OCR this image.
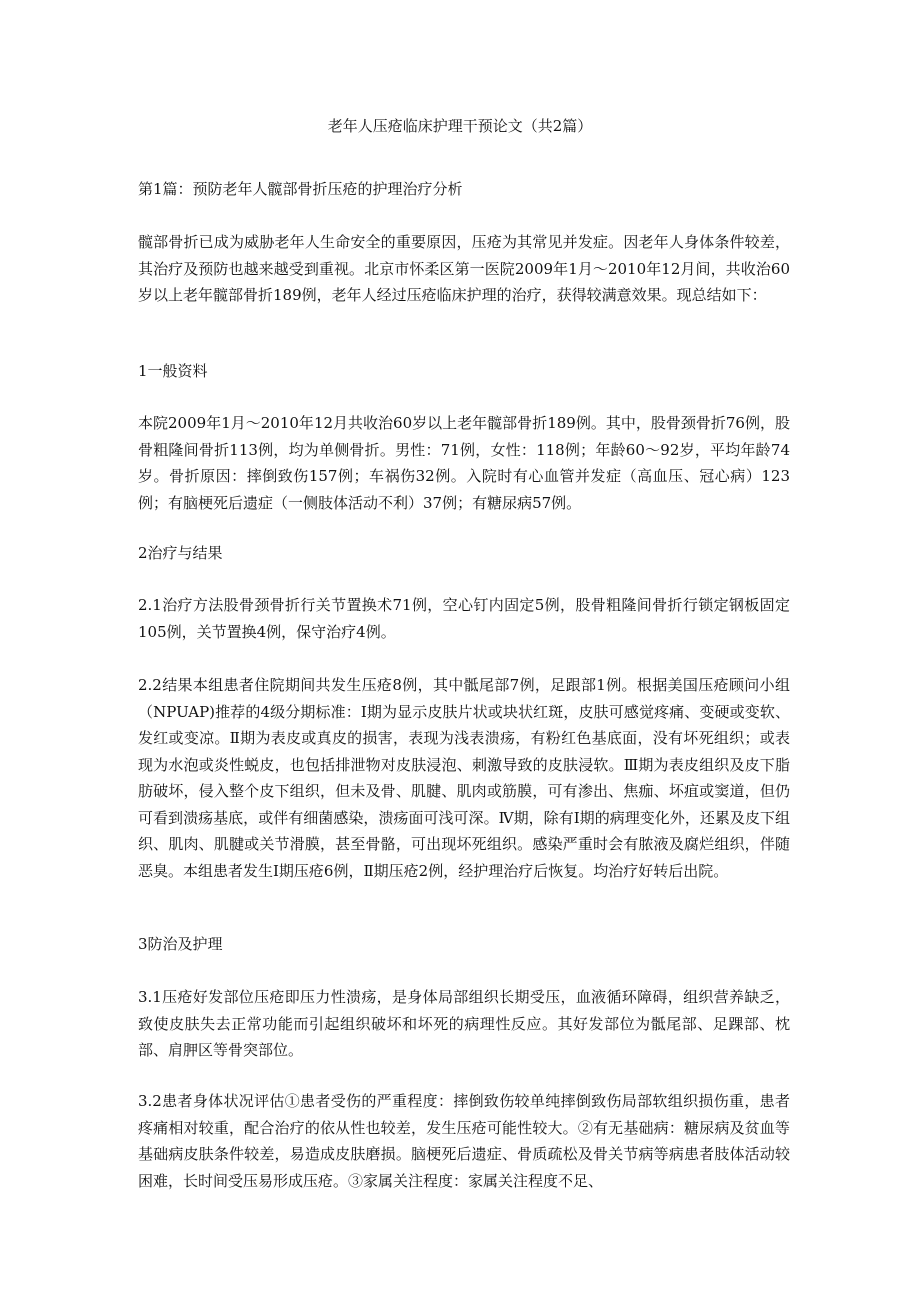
老年人压疮临床护理干预论文（共2篇）

第1篇：预防老年人髋部骨折压疮的护理治疗分析

髋部骨折已成为威胁老年人生命安全的重要原因，压疮为其常见并发症。因老年人身体条件较差，其治疗及预防也越来越受到重视。北京市怀柔区第一医院2009年1月～2010年12月间，共收治60岁以上老年髋部骨折189例，老年人经过压疮临床护理的治疗，获得较满意效果。现总结如下：

1一般资料

本院2009年1月～2010年12月共收治60岁以上老年髋部骨折189例。其中，股骨颈骨折76例，股骨粗隆间骨折113例，均为单侧骨折。男性：71例，女性：118例；年龄60～92岁，平均年龄74岁。骨折原因：摔倒致伤157例；车祸伤32例。入院时有心血管并发症（高血压、冠心病）123例；有脑梗死后遗症（一侧肢体活动不利）37例；有糖尿病57例。

2治疗与结果

2.1治疗方法股骨颈骨折行关节置换术71例，空心钉内固定5例，股骨粗隆间骨折行锁定钢板固定105例，关节置换4例，保守治疗4例。

2.2结果本组患者住院期间共发生压疮8例，其中骶尾部7例，足跟部1例。根据美国压疮顾问小组（NPUAP)推荐的4级分期标准：Ⅰ期为显示皮肤片状或块状红斑，皮肤可感觉疼痛、变硬或变软、发红或变凉。Ⅱ期为表皮或真皮的损害，表现为浅表溃疡，有粉红色基底面，没有坏死组织；或表现为水泡或炎性蜕皮，也包括排泄物对皮肤浸泡、刺激导致的皮肤浸软。Ⅲ期为表皮组织及皮下脂肪破坏，侵入整个皮下组织，但未及骨、肌腱、肌肉或筋膜，可有渗出、焦痂、坏疽或窦道，但仍可看到溃疡基底，或伴有细菌感染，溃疡面可浅可深。Ⅳ期，除有Ⅰ期的病理变化外，还累及皮下组织、肌肉、肌腱或关节滑膜，甚至骨骼，可出现坏死组织。感染严重时会有脓液及腐烂组织，伴随恶臭。本组患者发生Ⅰ期压疮6例，Ⅱ期压疮2例，经护理治疗后恢复。均治疗好转后出院。

3防治及护理

3.1压疮好发部位压疮即压力性溃疡，是身体局部组织长期受压，血液循环障碍，组织营养缺乏，致使皮肤失去正常功能而引起组织破坏和坏死的病理性反应。其好发部位为骶尾部、足踝部、枕部、肩胛区等骨突部位。

3.2患者身体状况评估①患者受伤的严重程度：摔倒致伤较单纯摔倒致伤局部软组织损伤重，患者疼痛相对较重，配合治疗的依从性也较差，发生压疮可能性较大。②有无基础病：糖尿病及贫血等基础病皮肤条件较差，易造成皮肤磨损。脑梗死后遗症、骨质疏松及骨关节病等病患者肢体活动较困难，长时间受压易形成压疮。③家属关注程度：家属关注程度不足、
